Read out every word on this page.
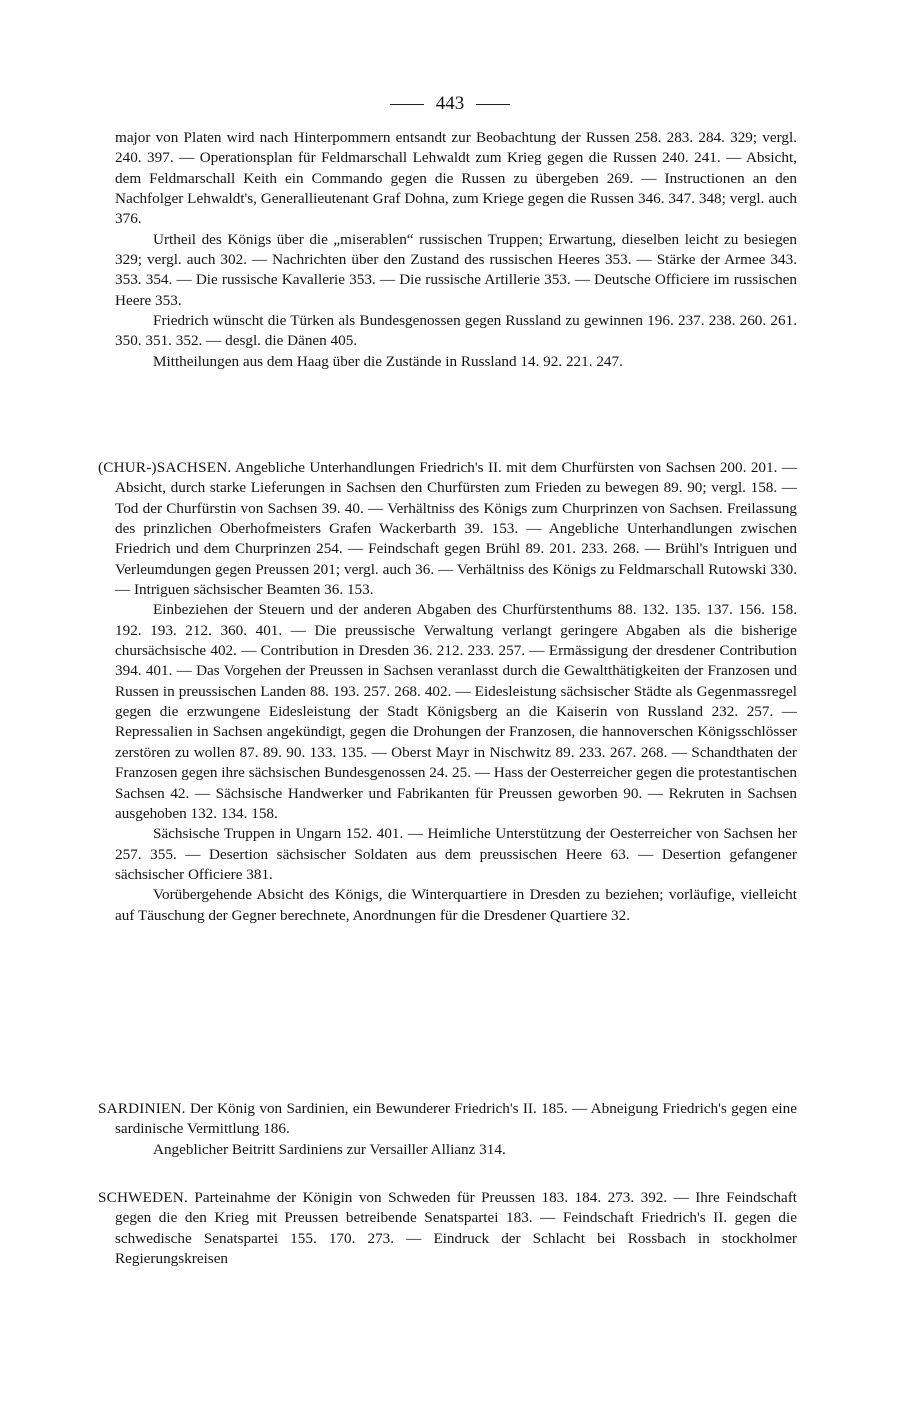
443

major von Platen wird nach Hinterpommern entsandt zur Beobachtung der Russen 258. 283. 284. 329; vergl. 240. 397. — Operationsplan für Feldmarschall Lehwaldt zum Krieg gegen die Russen 240. 241. — Absicht, dem Feldmarschall Keith ein Commando gegen die Russen zu übergeben 269. — Instructionen an den Nachfolger Lehwaldt's, Generallieutenant Graf Dohna, zum Kriege gegen die Russen 346. 347. 348; vergl. auch 376.

Urtheil des Königs über die „miserablen“ russischen Truppen; Erwartung, dieselben leicht zu besiegen 329; vergl. auch 302. — Nachrichten über den Zustand des russischen Heeres 353. — Stärke der Armee 343. 353. 354. — Die russische Kavallerie 353. — Die russische Artillerie 353. — Deutsche Officiere im russischen Heere 353.

Friedrich wünscht die Türken als Bundesgenossen gegen Russland zu gewinnen 196. 237. 238. 260. 261. 350. 351. 352. — desgl. die Dänen 405.

Mittheilungen aus dem Haag über die Zustände in Russland 14. 92. 221. 247.

(CHUR-)SACHSEN. Angebliche Unterhandlungen Friedrich's II. mit dem Churfürsten von Sachsen 200. 201. — Absicht, durch starke Lieferungen in Sachsen den Churfürsten zum Frieden zu bewegen 89. 90; vergl. 158. — Tod der Churfürstin von Sachsen 39. 40. — Verhältniss des Königs zum Churprinzen von Sachsen. Freilassung des prinzlichen Oberhofmeisters Grafen Wackerbarth 39. 153. — Angebliche Unterhandlungen zwischen Friedrich und dem Churprinzen 254. — Feindschaft gegen Brühl 89. 201. 233. 268. — Brühl's Intriguen und Verleumdungen gegen Preussen 201; vergl. auch 36. — Verhältniss des Königs zu Feldmarschall Rutowski 330. — Intriguen sächsischer Beamten 36. 153.

Einbeziehen der Steuern und der anderen Abgaben des Churfürstenthums 88. 132. 135. 137. 156. 158. 192. 193. 212. 360. 401. — Die preussische Verwaltung verlangt geringere Abgaben als die bisherige chursächsische 402. — Contribution in Dresden 36. 212. 233. 257. — Ermässigung der dresdener Contribution 394. 401. — Das Vorgehen der Preussen in Sachsen veranlasst durch die Gewaltthätigkeiten der Franzosen und Russen in preussischen Landen 88. 193. 257. 268. 402. — Eidesleistung sächsischer Städte als Gegenmassregel gegen die erzwungene Eidesleistung der Stadt Königsberg an die Kaiserin von Russland 232. 257. — Repressalien in Sachsen angekündigt, gegen die Drohungen der Franzosen, die hannoverschen Königsschlösser zerstören zu wollen 87. 89. 90. 133. 135. — Oberst Mayr in Nischwitz 89. 233. 267. 268. — Schandthaten der Franzosen gegen ihre sächsischen Bundesgenossen 24. 25. — Hass der Oesterreicher gegen die protestantischen Sachsen 42. — Sächsische Handwerker und Fabrikanten für Preussen geworben 90. — Rekruten in Sachsen ausgehoben 132. 134. 158.

Sächsische Truppen in Ungarn 152. 401. — Heimliche Unterstützung der Oesterreicher von Sachsen her 257. 355. — Desertion sächsischer Soldaten aus dem preussischen Heere 63. — Desertion gefangener sächsischer Officiere 381.

Vorübergehende Absicht des Königs, die Winterquartiere in Dresden zu beziehen; vorläufige, vielleicht auf Täuschung der Gegner berechnete, Anordnungen für die Dresdener Quartiere 32.

SARDINIEN. Der König von Sardinien, ein Bewunderer Friedrich's II. 185. — Abneigung Friedrich's gegen eine sardinische Vermittlung 186.

Angeblicher Beitritt Sardiniens zur Versailler Allianz 314.

SCHWEDEN. Parteinahme der Königin von Schweden für Preussen 183. 184. 273. 392. — Ihre Feindschaft gegen die den Krieg mit Preussen betreibende Senatspartei 183. — Feindschaft Friedrich's II. gegen die schwedische Senatspartei 155. 170. 273. — Eindruck der Schlacht bei Rossbach in stockholmer Regierungskreisen
